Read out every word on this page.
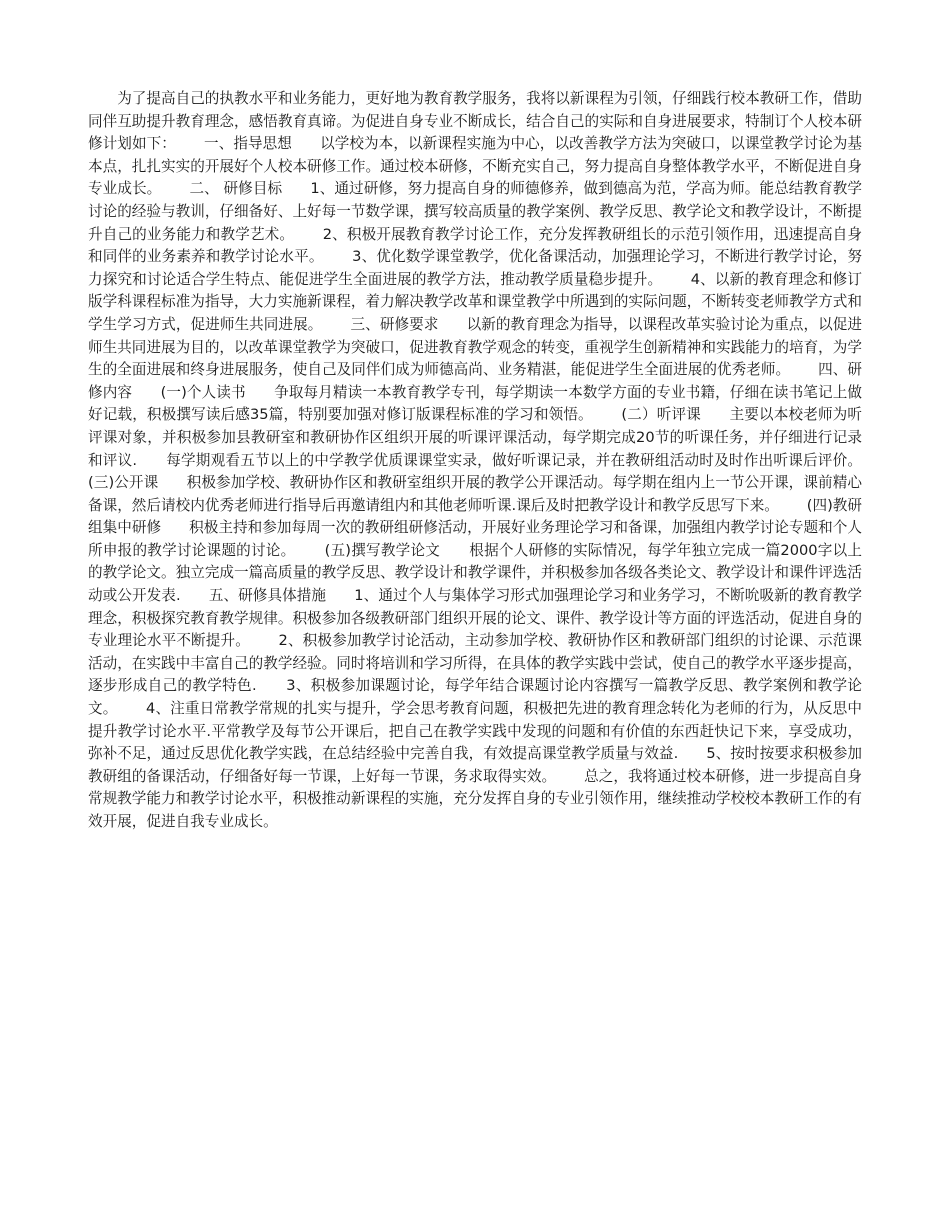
为了提高自己的执教水平和业务能力，更好地为教育教学服务，我将以新课程为引领，仔细践行校本教研工作，借助同伴互助提升教育理念，感悟教育真谛。为促进自身专业不断成长，结合自己的实际和自身进展要求，特制订个人校本研修计划如下：      一、指导思想      以学校为本，以新课程实施为中心，以改善教学方法为突破口，以课堂教学讨论为基本点，扎扎实实的开展好个人校本研修工作。通过校本研修，不断充实自己，努力提高自身整体教学水平，不断促进自身专业成长。      二、 研修目标      1、通过研修，努力提高自身的师德修养，做到德高为范，学高为师。能总结教育教学讨论的经验与教训，仔细备好、上好每一节数学课，撰写较高质量的教学案例、教学反思、教学论文和教学设计，不断提升自己的业务能力和教学艺术。      2、积极开展教育教学讨论工作，充分发挥教研组长的示范引领作用，迅速提高自身和同伴的业务素养和教学讨论水平。      3、优化数学课堂教学，优化备课活动，加强理论学习，不断进行教学讨论，努力探究和讨论适合学生特点、能促进学生全面进展的教学方法，推动教学质量稳步提升。      4、以新的教育理念和修订版学科课程标准为指导，大力实施新课程，着力解决教学改革和课堂教学中所遇到的实际问题，不断转变老师教学方式和学生学习方式，促进师生共同进展。      三、研修要求      以新的教育理念为指导，以课程改革实验讨论为重点，以促进师生共同进展为目的，以改革课堂教学为突破口，促进教育教学观念的转变，重视学生创新精神和实践能力的培育，为学生的全面进展和终身进展服务，使自己及同伴们成为师德高尚、业务精湛，能促进学生全面进展的优秀老师。      四、研修内容      (一)个人读书      争取每月精读一本教育教学专刊，每学期读一本数学方面的专业书籍，仔细在读书笔记上做好记载，积极撰写读后感35篇，特别要加强对修订版课程标准的学习和领悟。      (二）听评课      主要以本校老师为听评课对象，并积极参加县教研室和教研协作区组织开展的听课评课活动，每学期完成20节的听课任务，并仔细进行记录和评议.      每学期观看五节以上的中学教学优质课课堂实录，做好听课记录，并在教研组活动时及时作出听课后评价。      (三)公开课      积极参加学校、教研协作区和教研室组织开展的教学公开课活动。每学期在组内上一节公开课，课前精心备课，然后请校内优秀老师进行指导后再邀请组内和其他老师听课.课后及时把教学设计和教学反思写下来。      (四)教研组集中研修      积极主持和参加每周一次的教研组研修活动，开展好业务理论学习和备课，加强组内教学讨论专题和个人所申报的教学讨论课题的讨论。      (五)撰写教学论文      根据个人研修的实际情况，每学年独立完成一篇2000字以上的教学论文。独立完成一篇高质量的教学反思、教学设计和教学课件，并积极参加各级各类论文、教学设计和课件评选活动或公开发表.      五、研修具体措施      1、通过个人与集体学习形式加强理论学习和业务学习，不断吮吸新的教育教学理念，积极探究教育教学规律。积极参加各级教研部门组织开展的论文、课件、教学设计等方面的评选活动，促进自身的专业理论水平不断提升。      2、积极参加教学讨论活动，主动参加学校、教研协作区和教研部门组织的讨论课、示范课活动，在实践中丰富自己的教学经验。同时将培训和学习所得，在具体的教学实践中尝试，使自己的教学水平逐步提高，逐步形成自己的教学特色.      3、积极参加课题讨论，每学年结合课题讨论内容撰写一篇教学反思、教学案例和教学论文。      4、注重日常教学常规的扎实与提升，学会思考教育问题，积极把先进的教育理念转化为老师的行为，从反思中提升教学讨论水平.平常教学及每节公开课后，把自己在教学实践中发现的问题和有价值的东西赶快记下来，享受成功，弥补不足，通过反思优化教学实践，在总结经验中完善自我，有效提高课堂教学质量与效益.      5、按时按要求积极参加教研组的备课活动，仔细备好每一节课，上好每一节课，务求取得实效。      总之，我将通过校本研修，进一步提高自身常规教学能力和教学讨论水平，积极推动新课程的实施，充分发挥自身的专业引领作用，继续推动学校校本教研工作的有效开展，促进自我专业成长。
